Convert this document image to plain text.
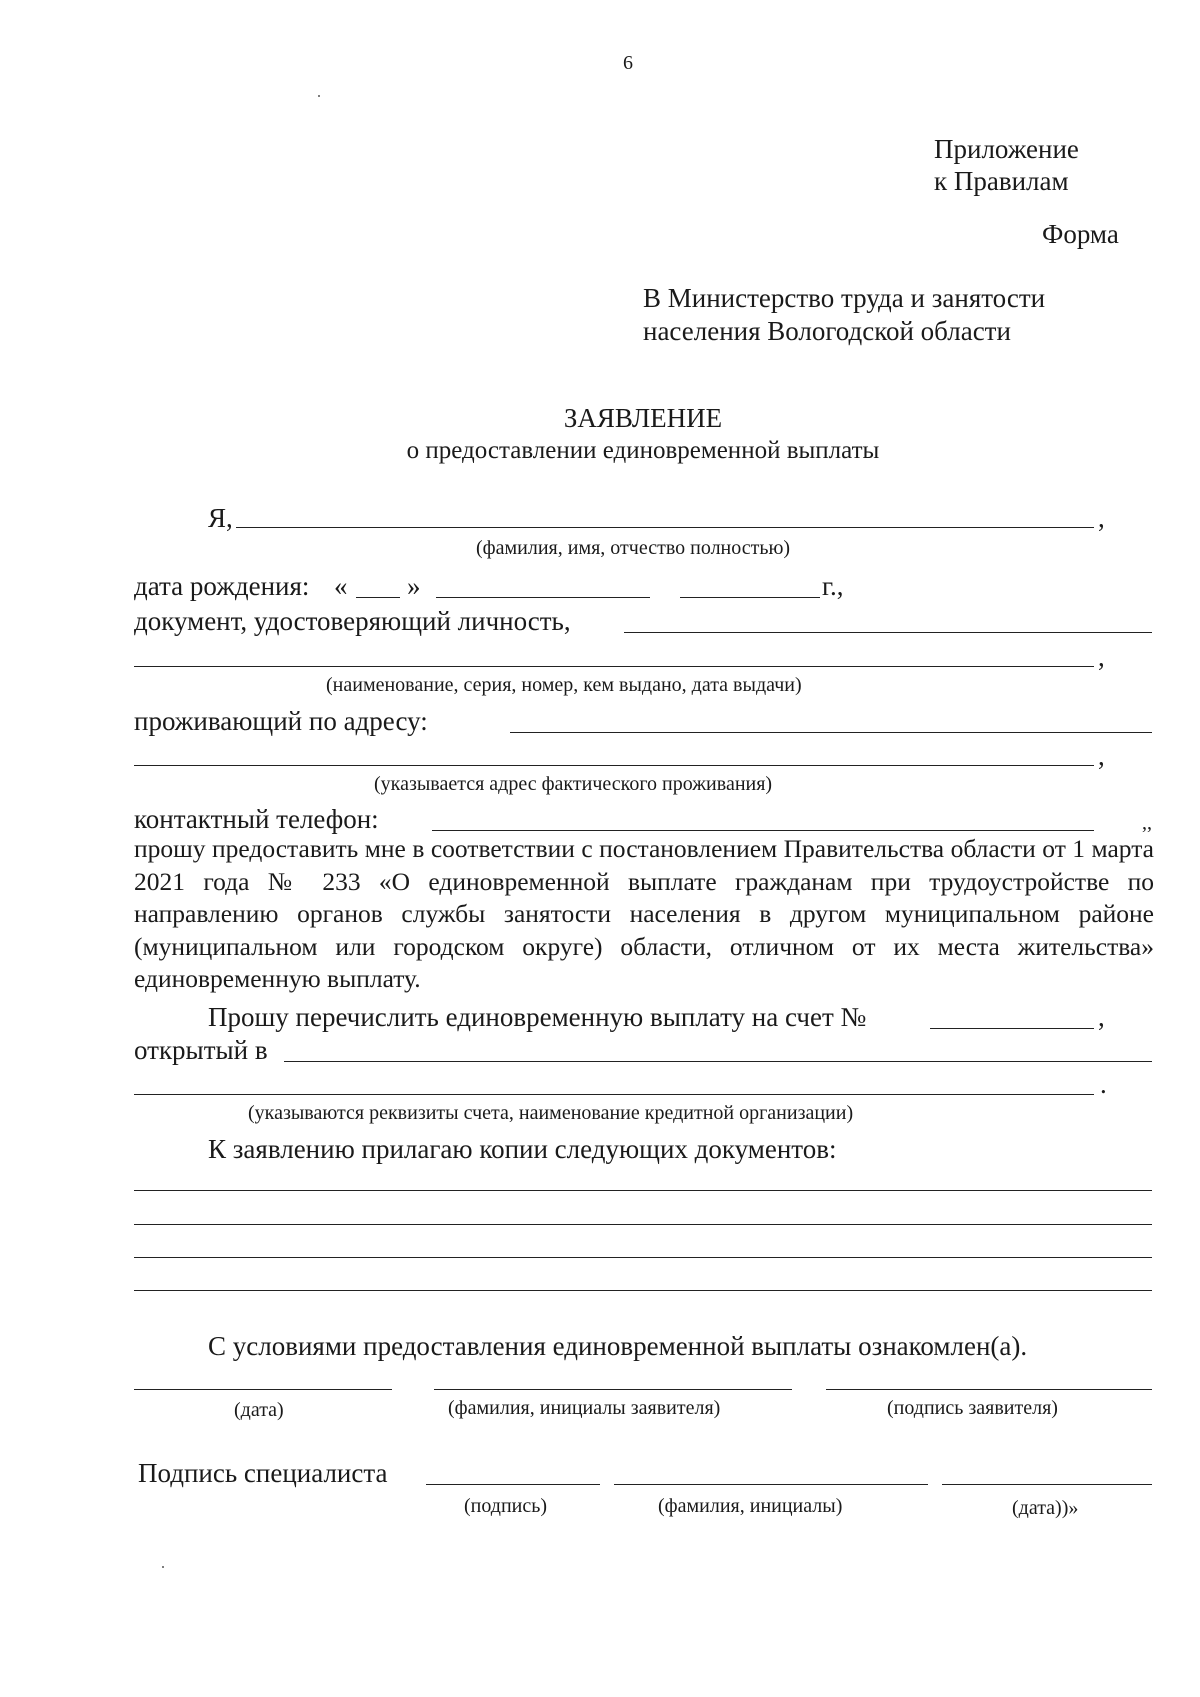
6
Приложение
к Правилам
Форма
В Министерство труда и занятости
населения Вологодской области
ЗАЯВЛЕНИЕ
о предоставлении единовременной выплаты
Я,	,
(фамилия, имя, отчество полностью)
дата рождения: « »	г.,
документ, удостоверяющий личность,
,
(наименование, серия, номер, кем выдано, дата выдачи)
проживающий по адресу:
,
(указывается адрес фактического проживания)
контактный телефон:	,,

прошу предоставить мне в соответствии с постановлением Правительства области от 1 марта 2021 года № 233 «О единовременной выплате гражданам при трудоустройстве по направлению органов службы занятости населения в другом муниципальном районе (муниципальном или городском округе) области, отличном от их места жительства» единовременную выплату.

Прошу перечислить единовременную выплату на счет №	,
открытый в
.
(указываются реквизиты счета, наименование кредитной организации)
К заявлению прилагаю копии следующих документов:
С условиями предоставления единовременной выплаты ознакомлен(а).
(дата)	(фамилия, инициалы заявителя)	(подпись заявителя)
Подпись специалиста
(подпись)	(фамилия, инициалы)	(дата))»
